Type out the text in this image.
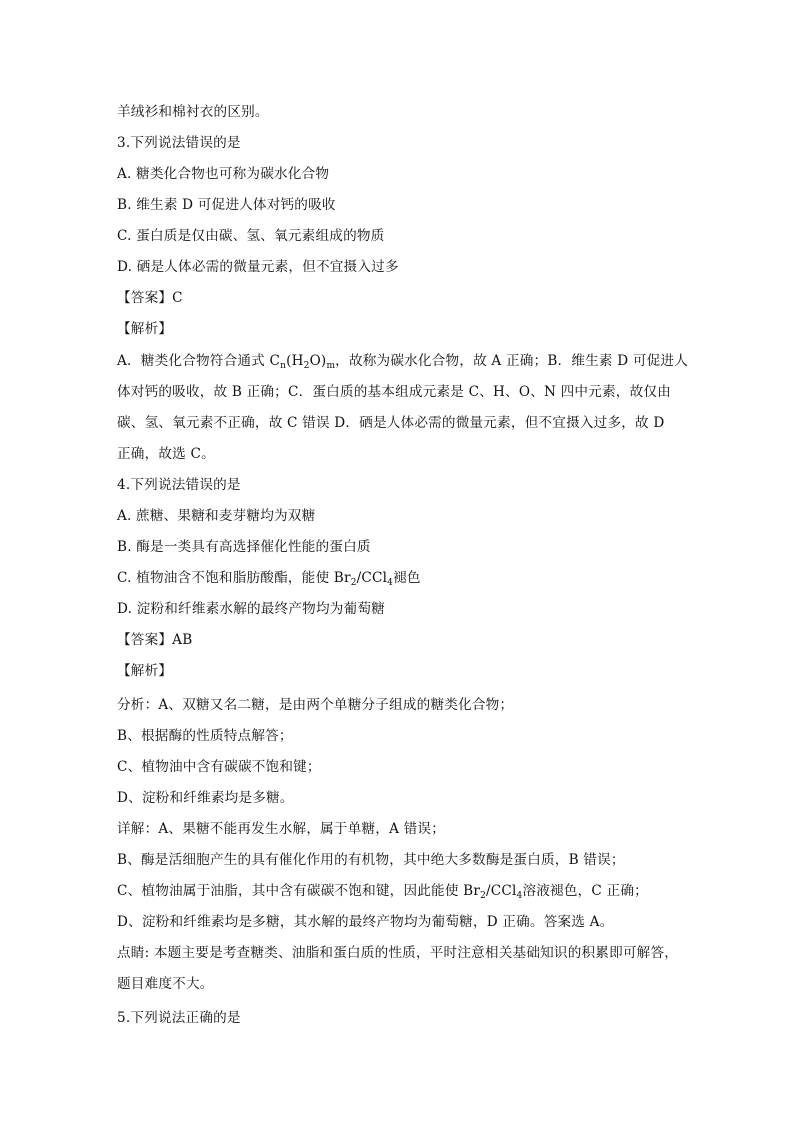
羊绒衫和棉衬衣的区别。
3.下列说法错误的是
A. 糖类化合物也可称为碳水化合物
B. 维生素 D 可促进人体对钙的吸收
C. 蛋白质是仅由碳、氢、氧元素组成的物质
D. 硒是人体必需的微量元素，但不宜摄入过多
【答案】C
【解析】
A．糖类化合物符合通式 $C_n(H_2O)_m$，故称为碳水化合物，故 A 正确；B．维生素 D 可促进人
体对钙的吸收，故 B 正确；C．蛋白质的基本组成元素是 C、H、O、N 四中元素，故仅由
碳、氢、氧元素不正确，故 C 错误 D．硒是人体必需的微量元素，但不宜摄入过多，故 D
正确，故选 C。
4.下列说法错误的是
A. 蔗糖、果糖和麦芽糖均为双糖
B. 酶是一类具有高选择催化性能的蛋白质
C. 植物油含不饱和脂肪酸酯，能使 $Br_2/CCl_4$褪色
D. 淀粉和纤维素水解的最终产物均为葡萄糖
【答案】AB
【解析】
分析：A、双糖又名二糖，是由两个单糖分子组成的糖类化合物；
B、根据酶的性质特点解答；
C、植物油中含有碳碳不饱和键；
D、淀粉和纤维素均是多糖。
详解：A、果糖不能再发生水解，属于单糖，A 错误；
B、酶是活细胞产生的具有催化作用的有机物，其中绝大多数酶是蛋白质，B 错误；
C、植物油属于油脂，其中含有碳碳不饱和键，因此能使 $Br_2/CCl_4$溶液褪色，C 正确；
D、淀粉和纤维素均是多糖，其水解的最终产物均为葡萄糖，D 正确。答案选 A。
点睛: 本题主要是考查糖类、油脂和蛋白质的性质，平时注意相关基础知识的积累即可解答，
题目难度不大。
5.下列说法正确的是
